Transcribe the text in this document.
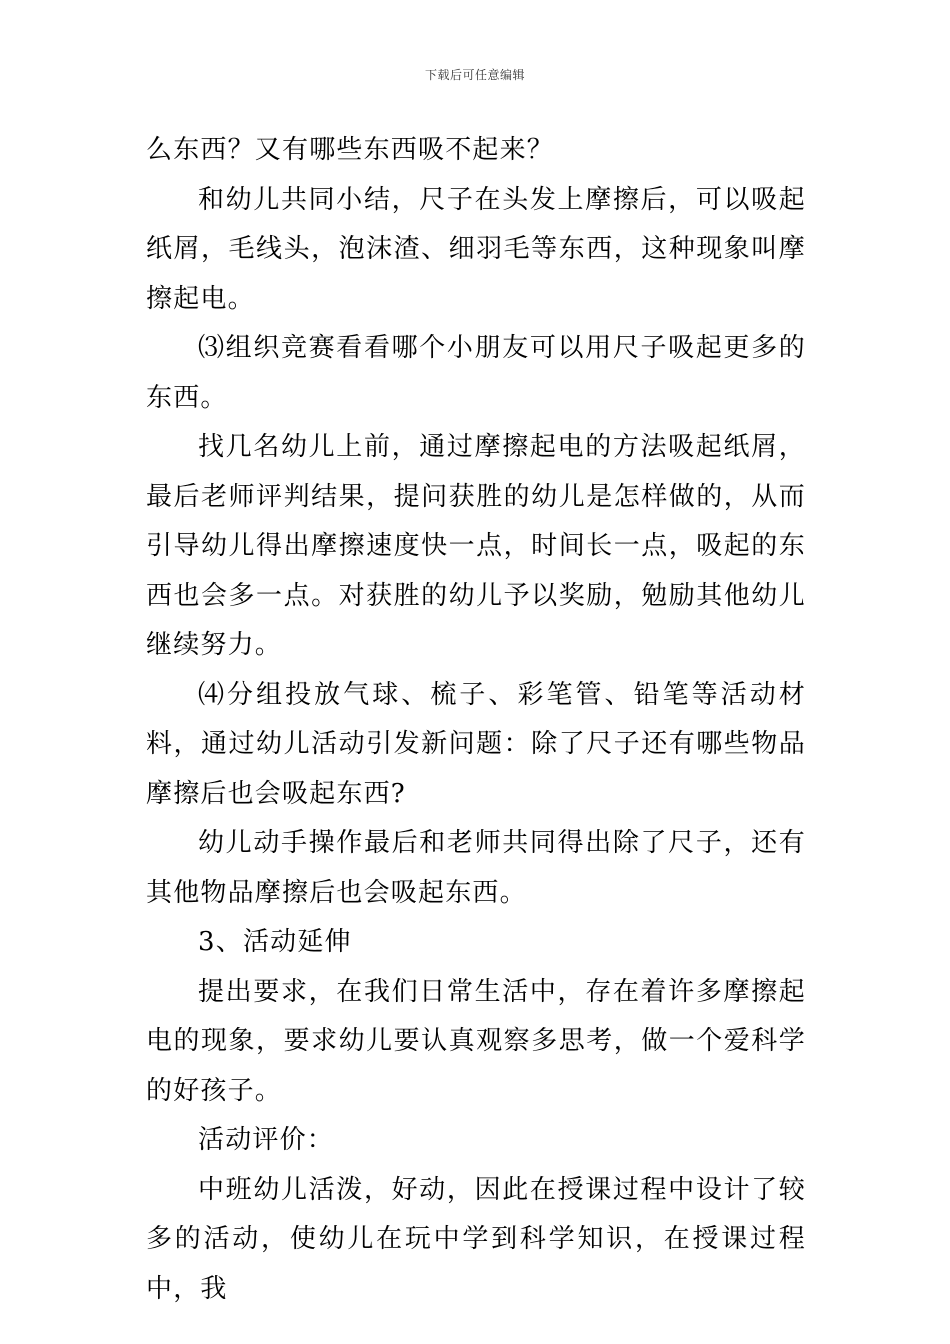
下载后可任意编辑

么东西？又有哪些东西吸不起来？

和幼儿共同小结，尺子在头发上摩擦后，可以吸起纸屑，毛线头，泡沫渣、细羽毛等东西，这种现象叫摩擦起电。

⑶组织竞赛看看哪个小朋友可以用尺子吸起更多的东西。

找几名幼儿上前，通过摩擦起电的方法吸起纸屑，最后老师评判结果，提问获胜的幼儿是怎样做的，从而引导幼儿得出摩擦速度快一点，时间长一点，吸起的东西也会多一点。对获胜的幼儿予以奖励，勉励其他幼儿继续努力。

⑷分组投放气球、梳子、彩笔管、铅笔等活动材料，通过幼儿活动引发新问题：除了尺子还有哪些物品摩擦后也会吸起东西?

幼儿动手操作最后和老师共同得出除了尺子，还有其他物品摩擦后也会吸起东西。

3、活动延伸

提出要求，在我们日常生活中，存在着许多摩擦起电的现象，要求幼儿要认真观察多思考，做一个爱科学的好孩子。

活动评价：

中班幼儿活泼，好动，因此在授课过程中设计了较多的活动，使幼儿在玩中学到科学知识，在授课过程中，我
